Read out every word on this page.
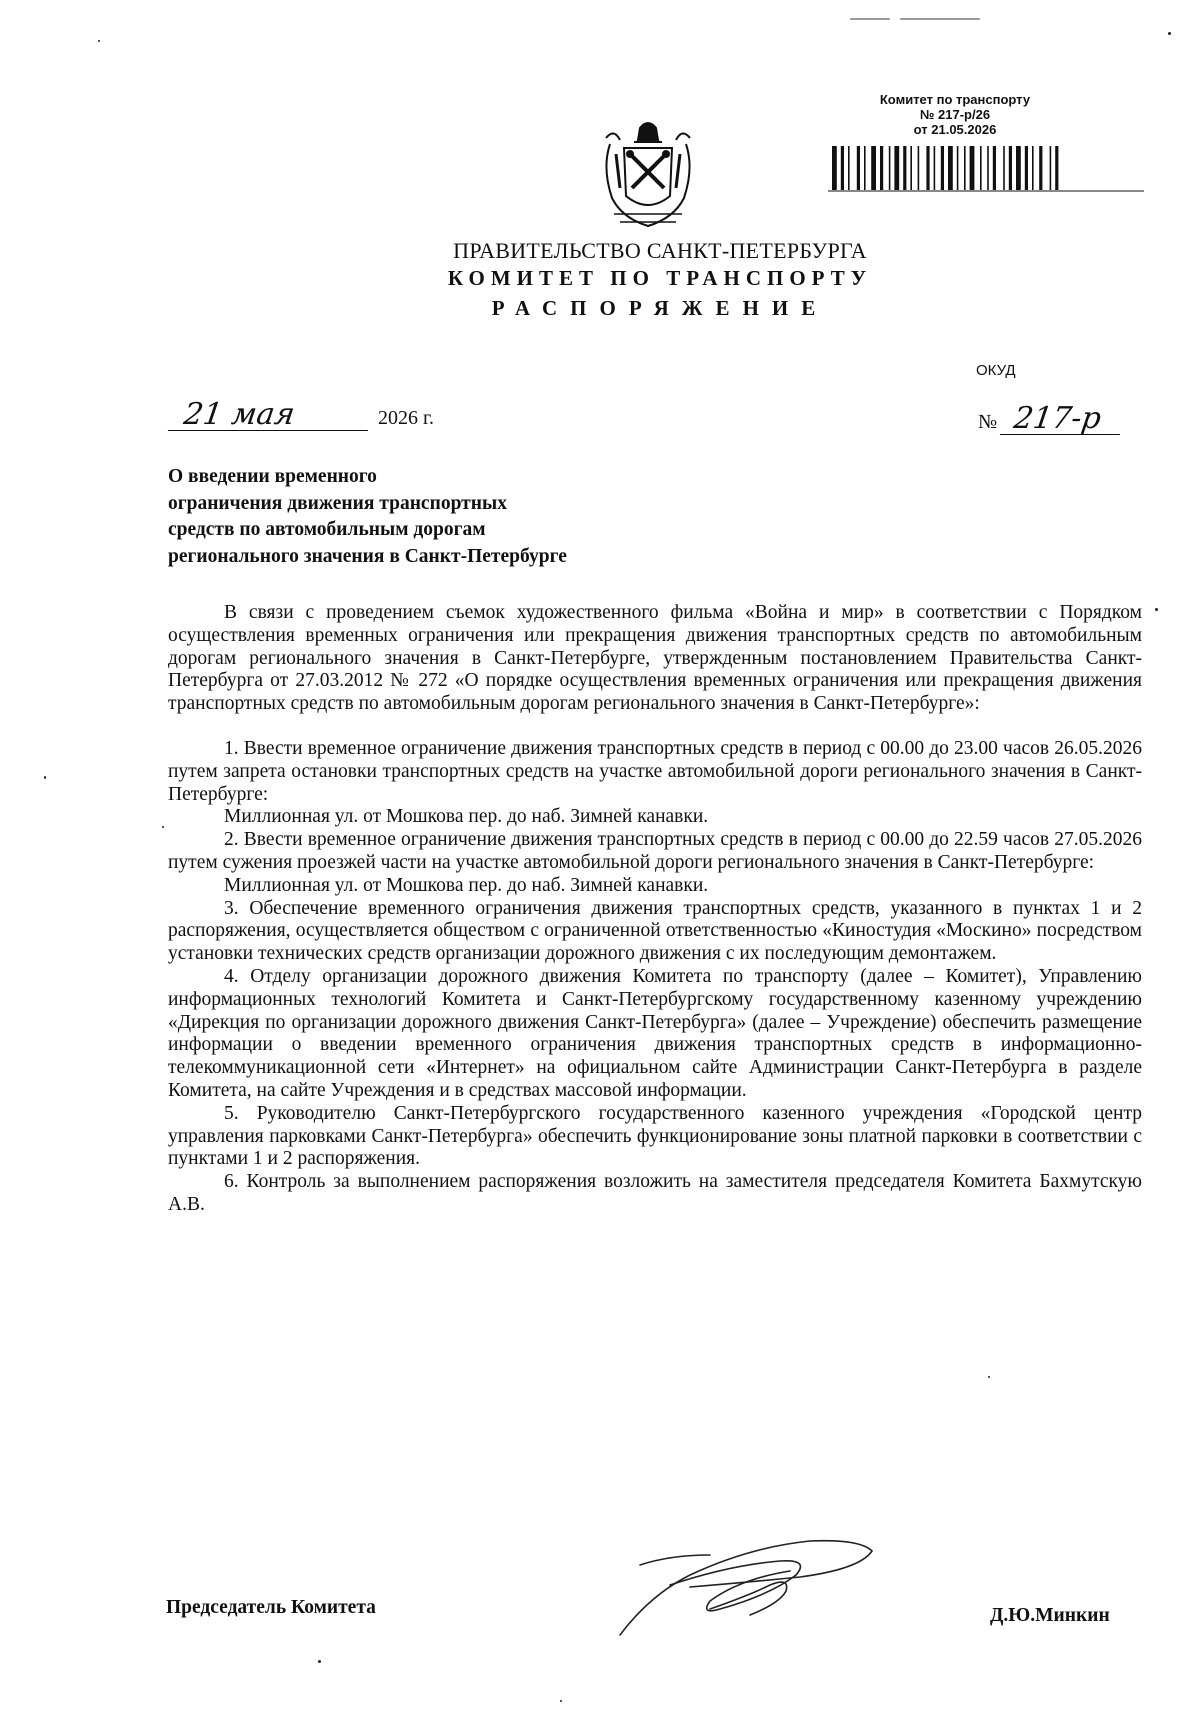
Комитет по транспорту
№ 217-р/26
от 21.05.2026
ПРАВИТЕЛЬСТВО САНКТ-ПЕТЕРБУРГА
КОМИТЕТ ПО ТРАНСПОРТУ
РАСПОРЯЖЕНИЕ
ОКУД
21 мая	2026 г.	№ 217-р
О введении временного
ограничения движения транспортных
средств по автомобильным дорогам
регионального значения в Санкт-Петербурге

В связи с проведением съемок художественного фильма «Война и мир» в соответствии с Порядком осуществления временных ограничения или прекращения движения транспортных средств по автомобильным дорогам регионального значения в Санкт-Петербурге, утвержденным постановлением Правительства Санкт-Петербурга от 27.03.2012 № 272 «О порядке осуществления временных ограничения или прекращения движения транспортных средств по автомобильным дорогам регионального значения в Санкт-Петербурге»:

1. Ввести временное ограничение движения транспортных средств в период с 00.00 до 23.00 часов 26.05.2026 путем запрета остановки транспортных средств на участке автомобильной дороги регионального значения в Санкт-Петербурге:

Миллионная ул. от Мошкова пер. до наб. Зимней канавки.

2. Ввести временное ограничение движения транспортных средств в период с 00.00 до 22.59 часов 27.05.2026 путем сужения проезжей части на участке автомобильной дороги регионального значения в Санкт-Петербурге:

Миллионная ул. от Мошкова пер. до наб. Зимней канавки.

3. Обеспечение временного ограничения движения транспортных средств, указанного в пунктах 1 и 2 распоряжения, осуществляется обществом с ограниченной ответственностью «Киностудия «Москино» посредством установки технических средств организации дорожного движения с их последующим демонтажем.

4. Отделу организации дорожного движения Комитета по транспорту (далее – Комитет), Управлению информационных технологий Комитета и Санкт-Петербургскому государственному казенному учреждению «Дирекция по организации дорожного движения Санкт-Петербурга» (далее – Учреждение) обеспечить размещение информации о введении временного ограничения движения транспортных средств в информационно-телекоммуникационной сети «Интернет» на официальном сайте Администрации Санкт-Петербурга в разделе Комитета, на сайте Учреждения и в средствах массовой информации.

5. Руководителю Санкт-Петербургского государственного казенного учреждения «Городской центр управления парковками Санкт-Петербурга» обеспечить функционирование зоны платной парковки в соответствии с пунктами 1 и 2 распоряжения.

6. Контроль за выполнением распоряжения возложить на заместителя председателя Комитета Бахмутскую А.В.

Председатель Комитета	Д.Ю.Минкин
